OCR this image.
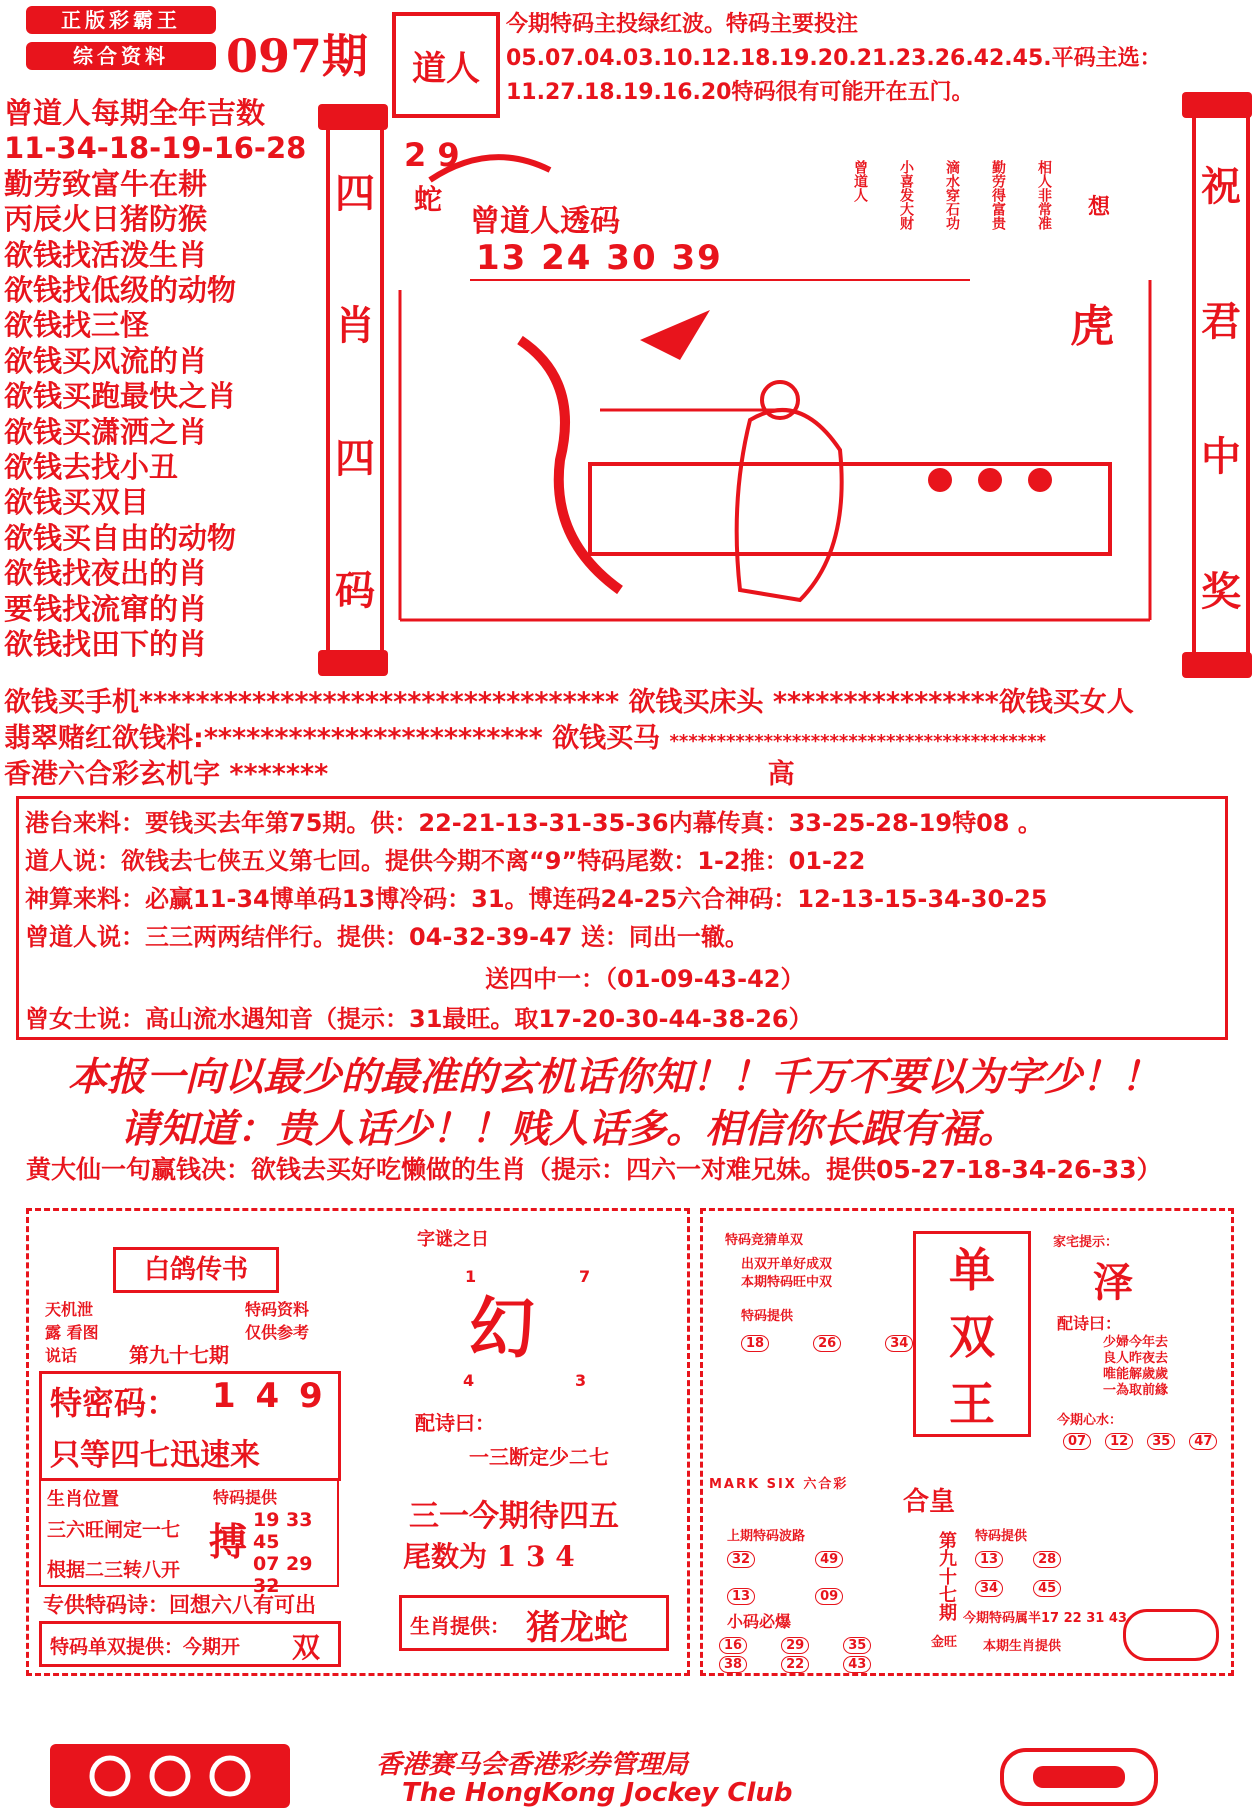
正版彩霸王
综合资料	097期	道人
今期特码主投绿红波。特码主要投注05.07.04.03.10.12.18.19.20.21.23.26.42.45.平码主选：11.27.18.19.16.20特码很有可能开在五门。
曾道人每期全年吉数
11-34-18-19-16-28
勤劳致富牛在耕
丙辰火日猪防猴
欲钱找活泼生肖
欲钱找低级的动物
欲钱找三怪
欲钱买风流的肖
欲钱买跑最快之肖
欲钱买潇洒之肖
欲钱去找小丑
欲钱买双目
欲钱买自由的动物
欲钱找夜出的肖
要钱找流窜的肖
欲钱找田下的肖
四
肖
四
码
祝
君
中
奖
2 9
蛇
曾道人透码
13 24 30 39
曾道人 小喜发大财 滴水穿石功 勤劳得富贵 相人非常准 想
虎
欲钱买手机********************************** 欲钱买床头 ****************欲钱买女人
翡翠赌红欲钱料:************************ 欲钱买马 ****************************************
香港六合彩玄机字 *******	高
港台来料：要钱买去年第75期。供：22-21-13-31-35-36内幕传真：33-25-28-19特08 。
道人说：欲钱去七侠五义第七回。提供今期不离“9”特码尾数：1-2推：01-22
神算来料：必赢11-34博单码13博冷码：31。博连码24-25六合神码：12-13-15-34-30-25
曾道人说：三三两两结伴行。提供：04-32-39-47 送：同出一辙。
送四中一：（01-09-43-42）
曾女士说：高山流水遇知音（提示：31最旺。取17-20-30-44-38-26）
本报一向以最少的最准的玄机话你知！！千万不要以为字少！！
请知道：贵人话少！！贱人话多。相信你长跟有福。
黄大仙一句赢钱决：欲钱去买好吃懒做的生肖（提示：四六一对难兄妹。提供05-27-18-34-26-33）
白鸽传书
天机泄露 看图说话
特码资料 仅供参考
第九十七期
特密码： 1 4 9
只等四七迅速来
生肖位置
三六旺闸定一七
根据二三转八开
特码提供
搏 19 33 45
07 29 32
专供特码诗：回想六八有可出
特码单双提供：今期开 双
字谜之日
幻
1	7
4	3
配诗曰：
一三断定少二七
三一今期待四五
尾数为 1 3 4
生肖提供： 猪龙蛇
特码竞猜单双
出双开单好成双
本期特码旺中双
特码提供
18	26	34
单
双
王
家宅提示：
泽
配诗曰：
少婦今年去
良人昨夜去
唯能解歲歲
一為取前緣
今期心水：
07	12	35	47
MARK SIX 六合彩
合皇
上期特码波路
32	49
13	09	第九十七期
金旺
特码提供
13	28
34	45
小码必爆
16	29	35
38	22	43
今期特码属半17 22 31 43
本期生肖提供
香港赛马会香港彩券管理局
The HongKong Jockey Club
